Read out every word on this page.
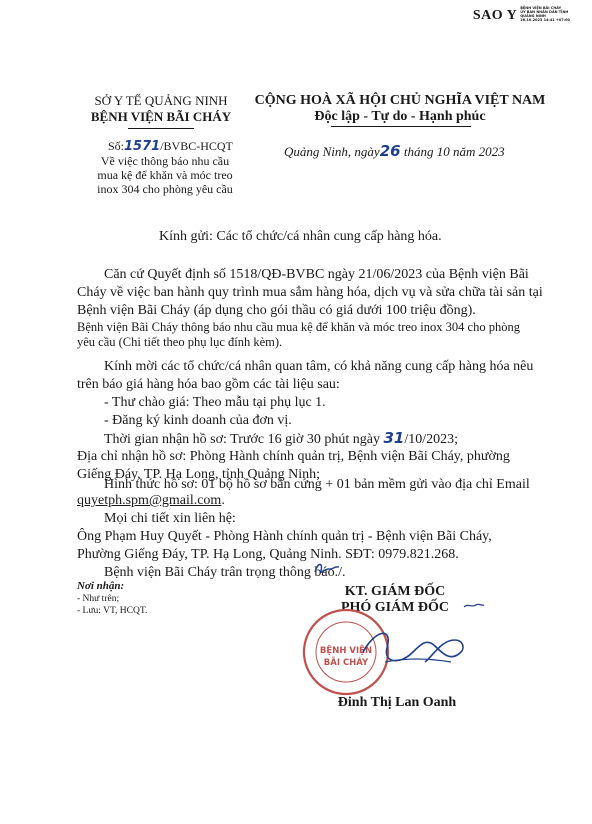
SAO Y BỆNH VIỆN BÃI CHÁY
ỦY BAN NHÂN DÂN TỈNH
QUẢNG NINH
26.10.2023 14:41 +07:00
SỞ Y TẾ QUẢNG NINH
BỆNH VIỆN BÃI CHÁY
Số:1571/BVBC-HCQT
Về việc thông báo nhu cầu
mua kệ để khăn và móc treo
inox 304 cho phòng yêu cầu
CỘNG HOÀ XÃ HỘI CHỦ NGHĨA VIỆT NAM
Độc lập - Tự do - Hạnh phúc
Quảng Ninh, ngày26 tháng 10 năm 2023
Kính gửi: Các tổ chức/cá nhân cung cấp hàng hóa.
Căn cứ Quyết định số 1518/QĐ-BVBC ngày 21/06/2023 của Bệnh viện Bãi
Cháy về việc ban hành quy trình mua sắm hàng hóa, dịch vụ và sửa chữa tài sản tại
Bệnh viện Bãi Cháy (áp dụng cho gói thầu có giá dưới 100 triệu đồng).
Bệnh viện Bãi Cháy thông báo nhu cầu mua kệ để khăn và móc treo inox 304 cho phòng
yêu cầu (Chi tiết theo phụ lục đính kèm).
Kính mời các tổ chức/cá nhân quan tâm, có khả năng cung cấp hàng hóa nêu
trên báo giá hàng hóa bao gồm các tài liệu sau:
- Thư chào giá: Theo mẫu tại phụ lục 1.
- Đăng ký kinh doanh của đơn vị.
Thời gian nhận hồ sơ: Trước 16 giờ 30 phút ngày 31/10/2023;
Địa chỉ nhận hồ sơ: Phòng Hành chính quản trị, Bệnh viện Bãi Cháy, phường
Giếng Đáy, TP. Hạ Long, tỉnh Quảng Ninh;
Hình thức hồ sơ: 01 bộ hồ sơ bản cứng + 01 bản mềm gửi vào địa chỉ Email
quyetph.spm@gmail.com.
Mọi chi tiết xin liên hệ:
Ông Phạm Huy Quyết - Phòng Hành chính quản trị - Bệnh viện Bãi Cháy,
Phường Giếng Đáy, TP. Hạ Long, Quảng Ninh. SĐT: 0979.821.268.
Bệnh viện Bãi Cháy trân trọng thông báo./.
Nơi nhận:
- Như trên;
- Lưu: VT, HCQT.
KT. GIÁM ĐỐC
PHÓ GIÁM ĐỐC
BỆNH VIỆN
BÃI CHÁY
Đinh Thị Lan Oanh
